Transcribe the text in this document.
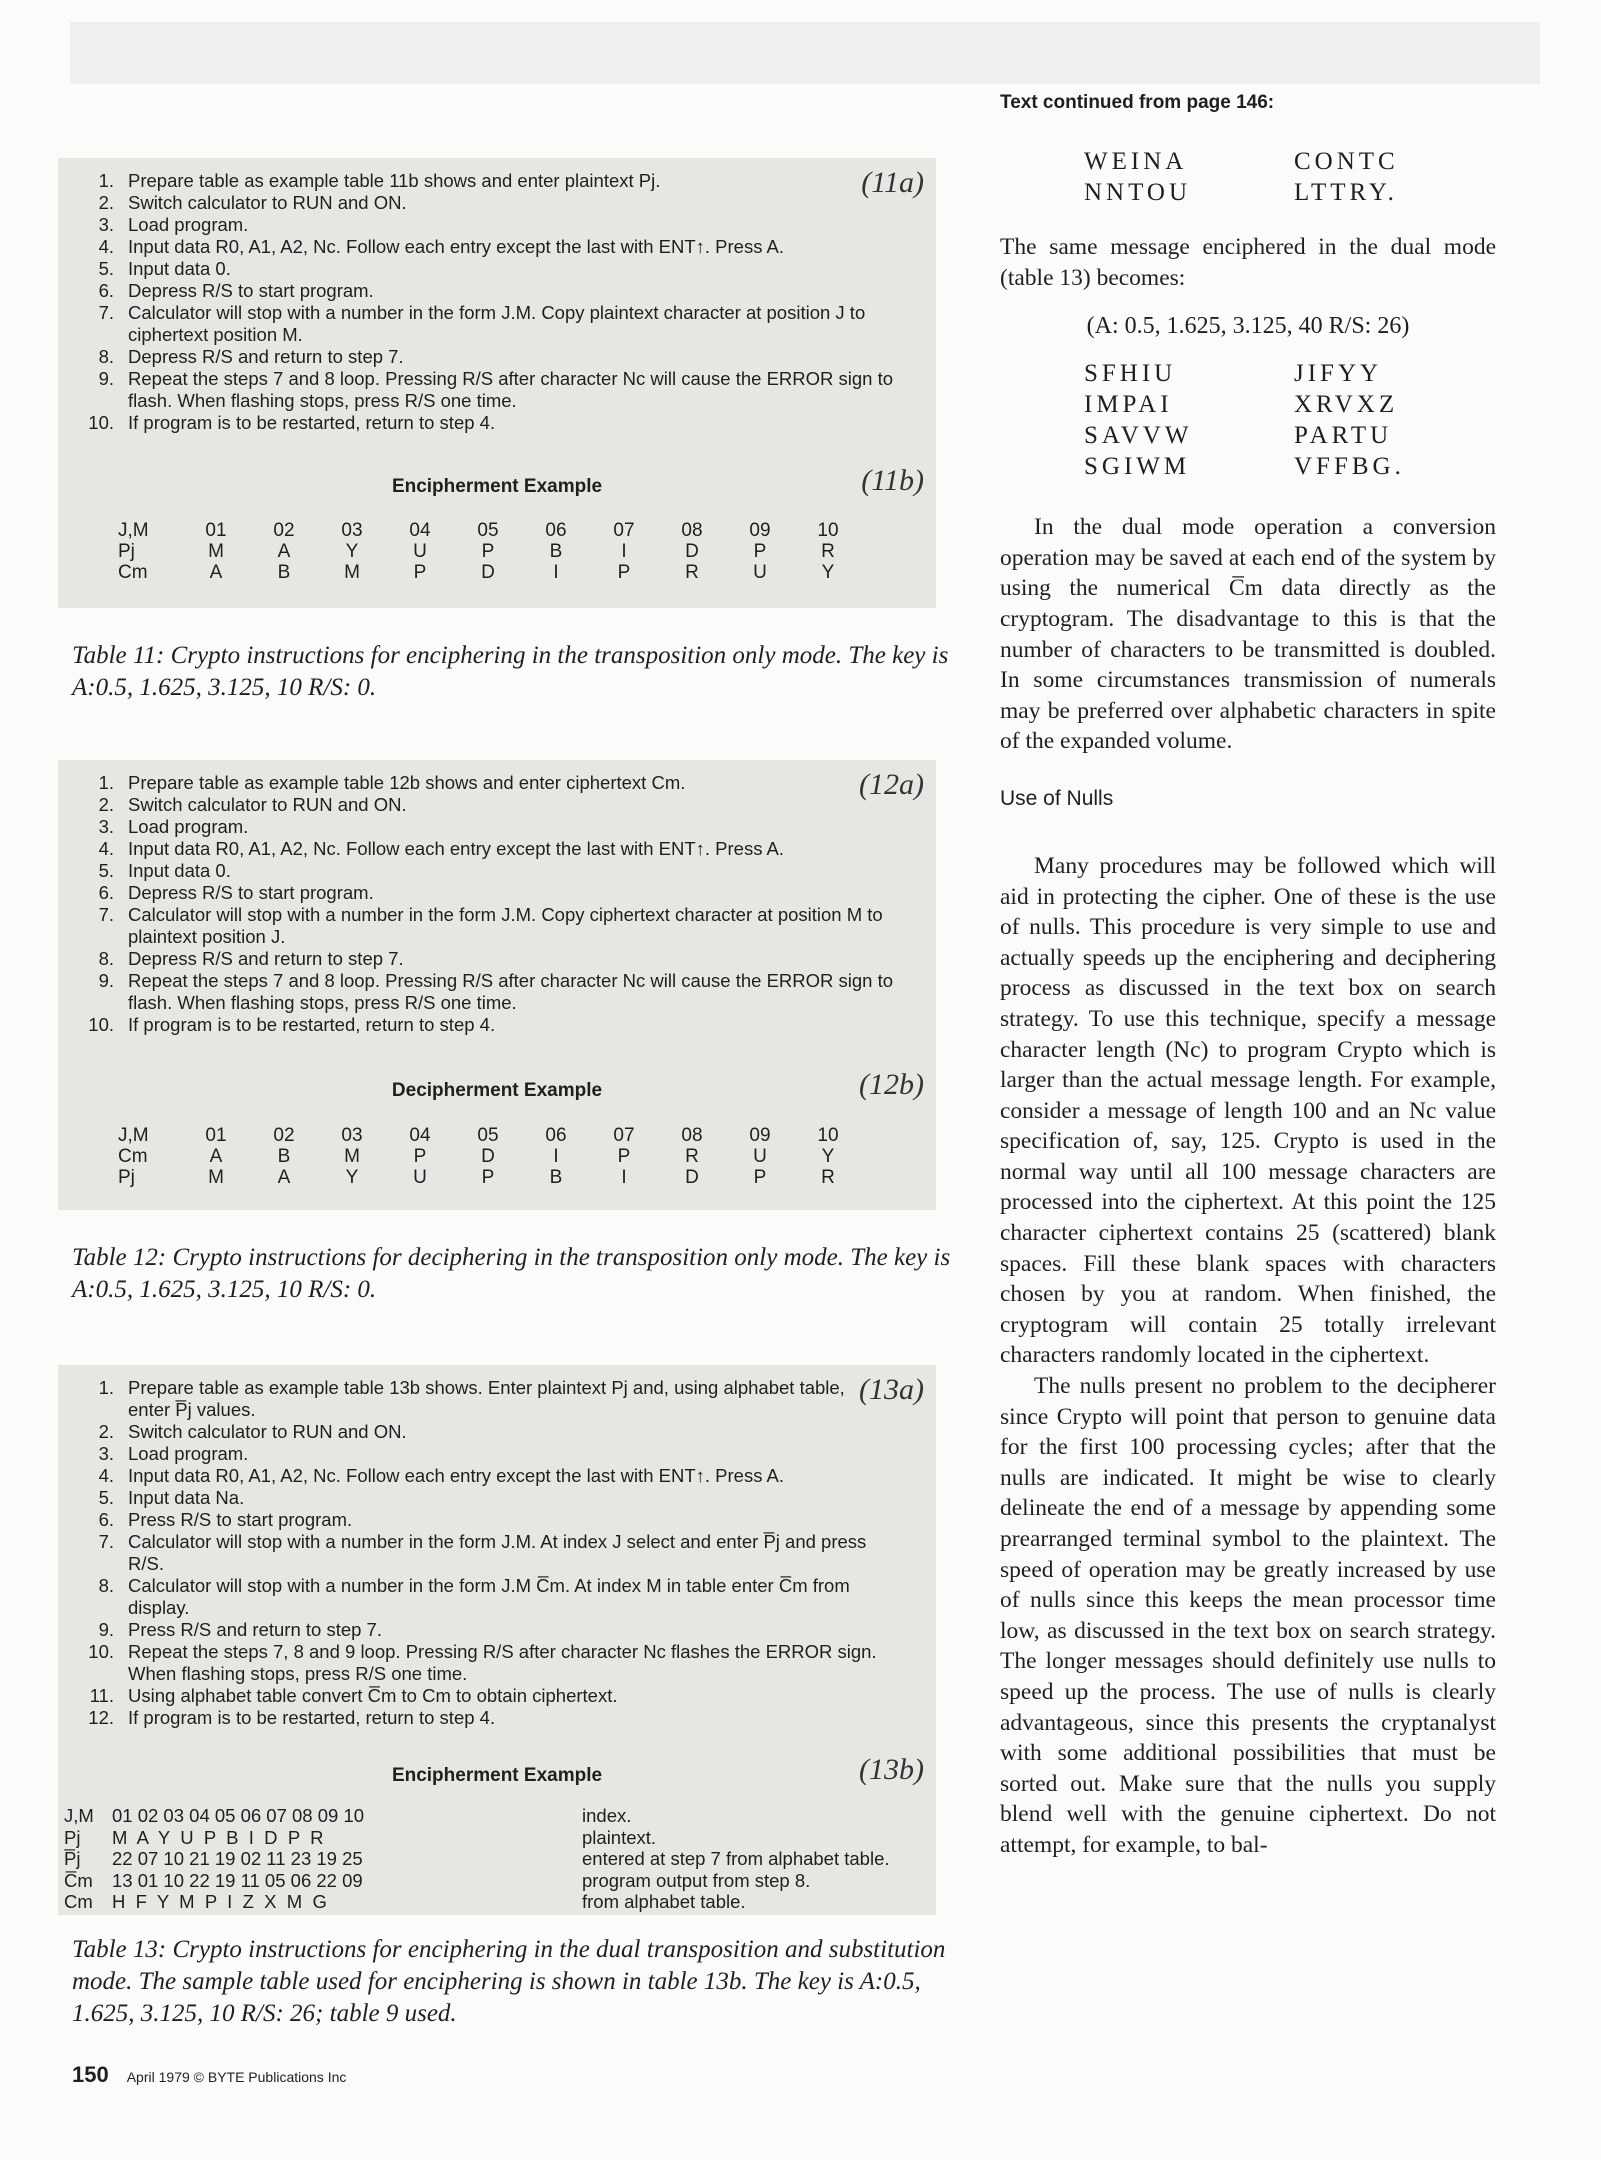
Text continued from page 146:
(11a)
1. Prepare table as example table 11b shows and enter plaintext Pj.
2. Switch calculator to RUN and ON.
3. Load program.
4. Input data R0, A1, A2, Nc. Follow each entry except the last with ENT↑. Press A.
5. Input data 0.
6. Depress R/S to start program.
7. Calculator will stop with a number in the form J.M. Copy plaintext character at position J to ciphertext position M.
8. Depress R/S and return to step 7.
9. Repeat the steps 7 and 8 loop. Pressing R/S after character Nc will cause the ERROR sign to flash. When flashing stops, press R/S one time.
10. If program is to be restarted, return to step 4.
Encipherment Example	(11b)
J,M	01	02	03	04	05	06	07	08	09	10
Pj	M	A	Y	U	P	B	I	D	P	R
Cm	A	B	M	P	D	I	P	R	U	Y
Table 11: Crypto instructions for enciphering in the transposition only mode. The key is A:0.5, 1.625, 3.125, 10 R/S: 0.
(12a)
1. Prepare table as example table 12b shows and enter ciphertext Cm.
2. Switch calculator to RUN and ON.
3. Load program.
4. Input data R0, A1, A2, Nc. Follow each entry except the last with ENT↑. Press A.
5. Input data 0.
6. Depress R/S to start program.
7. Calculator will stop with a number in the form J.M. Copy ciphertext character at position M to plaintext position J.
8. Depress R/S and return to step 7.
9. Repeat the steps 7 and 8 loop. Pressing R/S after character Nc will cause the ERROR sign to flash. When flashing stops, press R/S one time.
10. If program is to be restarted, return to step 4.
Decipherment Example	(12b)
J,M	01	02	03	04	05	06	07	08	09	10
Cm	A	B	M	P	D	I	P	R	U	Y
Pj	M	A	Y	U	P	B	I	D	P	R
Table 12: Crypto instructions for deciphering in the transposition only mode. The key is A:0.5, 1.625, 3.125, 10 R/S: 0.
(13a)
1. Prepare table as example table 13b shows. Enter plaintext Pj and, using alphabet table, enter P̅j values.
2. Switch calculator to RUN and ON.
3. Load program.
4. Input data R0, A1, A2, Nc. Follow each entry except the last with ENT↑. Press A.
5. Input data Na.
6. Press R/S to start program.
7. Calculator will stop with a number in the form J.M. At index J select and enter P̅j and press R/S.
8. Calculator will stop with a number in the form J.M C̅m. At index M in table enter C̅m from display.
9. Press R/S and return to step 7.
10. Repeat the steps 7, 8 and 9 loop. Pressing R/S after character Nc flashes the ERROR sign. When flashing stops, press R/S one time.
11. Using alphabet table convert C̅m to Cm to obtain ciphertext.
12. If program is to be restarted, return to step 4.
Encipherment Example	(13b)
J,M	01 02 03 04 05 06 07 08 09 10	index.
Pj	M  A  Y  U  P  B  I  D  P  R	plaintext.
P̅j	22 07 10 21 19 02 11 23 19 25	entered at step 7 from alphabet table.
C̅m	13 01 10 22 19 11 05 06 22 09	program output from step 8.
Cm	H  F  Y  M  P  I  Z  X  M  G	from alphabet table.
Table 13: Crypto instructions for enciphering in the dual transposition and substitution mode. The sample table used for enciphering is shown in table 13b. The key is A:0.5, 1.625, 3.125, 10 R/S: 26; table 9 used.
WEINA	CONTC
NNTOU	LTTRY.

The same message enciphered in the dual mode (table 13) becomes:

(A: 0.5, 1.625, 3.125, 40 R/S: 26)
SFHIU	JIFYY
IMPAI	XRVXZ
SAVVW	PARTU
SGIWM	VFFBG.

In the dual mode operation a conversion operation may be saved at each end of the system by using the numerical C̅m data directly as the cryptogram. The disadvantage to this is that the number of characters to be transmitted is doubled. In some circumstances transmission of numerals may be preferred over alphabetic characters in spite of the expanded volume.

Use of Nulls

Many procedures may be followed which will aid in protecting the cipher. One of these is the use of nulls. This procedure is very simple to use and actually speeds up the enciphering and deciphering process as discussed in the text box on search strategy. To use this technique, specify a message character length (Nc) to program Crypto which is larger than the actual message length. For example, consider a message of length 100 and an Nc value specification of, say, 125. Crypto is used in the normal way until all 100 message characters are processed into the ciphertext. At this point the 125 character ciphertext contains 25 (scattered) blank spaces. Fill these blank spaces with characters chosen by you at random. When finished, the cryptogram will contain 25 totally irrelevant characters randomly located in the ciphertext.

The nulls present no problem to the decipherer since Crypto will point that person to genuine data for the first 100 processing cycles; after that the nulls are indicated. It might be wise to clearly delineate the end of a message by appending some prearranged terminal symbol to the plaintext. The speed of operation may be greatly increased by use of nulls since this keeps the mean processor time low, as discussed in the text box on search strategy. The longer messages should definitely use nulls to speed up the process. The use of nulls is clearly advantageous, since this presents the cryptanalyst with some additional possibilities that must be sorted out. Make sure that the nulls you supply blend well with the genuine ciphertext. Do not attempt, for example, to bal-

150 April 1979 © BYTE Publications Inc
